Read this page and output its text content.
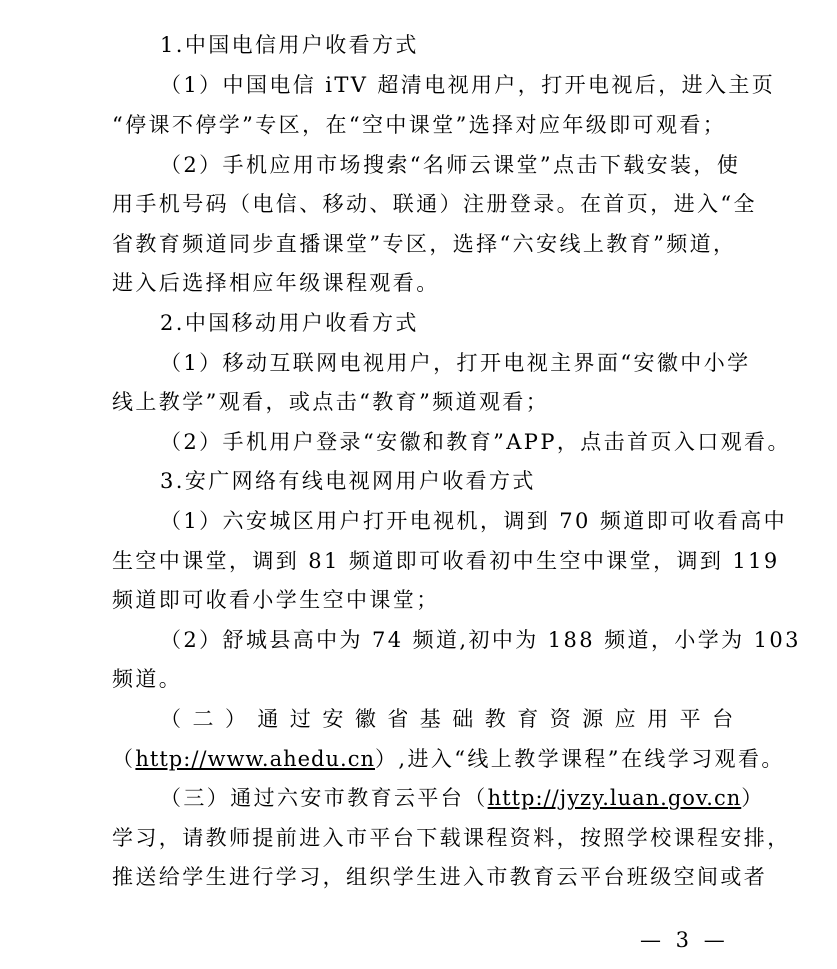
1.中国电信用户收看方式
（1）中国电信 iTV 超清电视用户，打开电视后，进入主页
“停课不停学”专区，在“空中课堂”选择对应年级即可观看；
（2）手机应用市场搜索“名师云课堂”点击下载安装，使
用手机号码（电信、移动、联通）注册登录。在首页，进入“全
省教育频道同步直播课堂”专区，选择“六安线上教育”频道，
进入后选择相应年级课程观看。
2.中国移动用户收看方式
（1）移动互联网电视用户，打开电视主界面“安徽中小学
线上教学”观看，或点击“教育”频道观看；
（2）手机用户登录“安徽和教育”APP，点击首页入口观看。
3.安广网络有线电视网用户收看方式
（1）六安城区用户打开电视机，调到 70 频道即可收看高中
生空中课堂，调到 81 频道即可收看初中生空中课堂，调到 119
频道即可收看小学生空中课堂；
（2）舒城县高中为 74 频道,初中为 188 频道，小学为 103
频道。
（ 二 ） 通 过 安 徽 省 基 础 教 育 资 源 应 用 平 台
（http://www.ahedu.cn）,进入“线上教学课程”在线学习观看。
（三）通过六安市教育云平台（http://jyzy.luan.gov.cn）
学习，请教师提前进入市平台下载课程资料，按照学校课程安排，
推送给学生进行学习，组织学生进入市教育云平台班级空间或者
— 3 —
